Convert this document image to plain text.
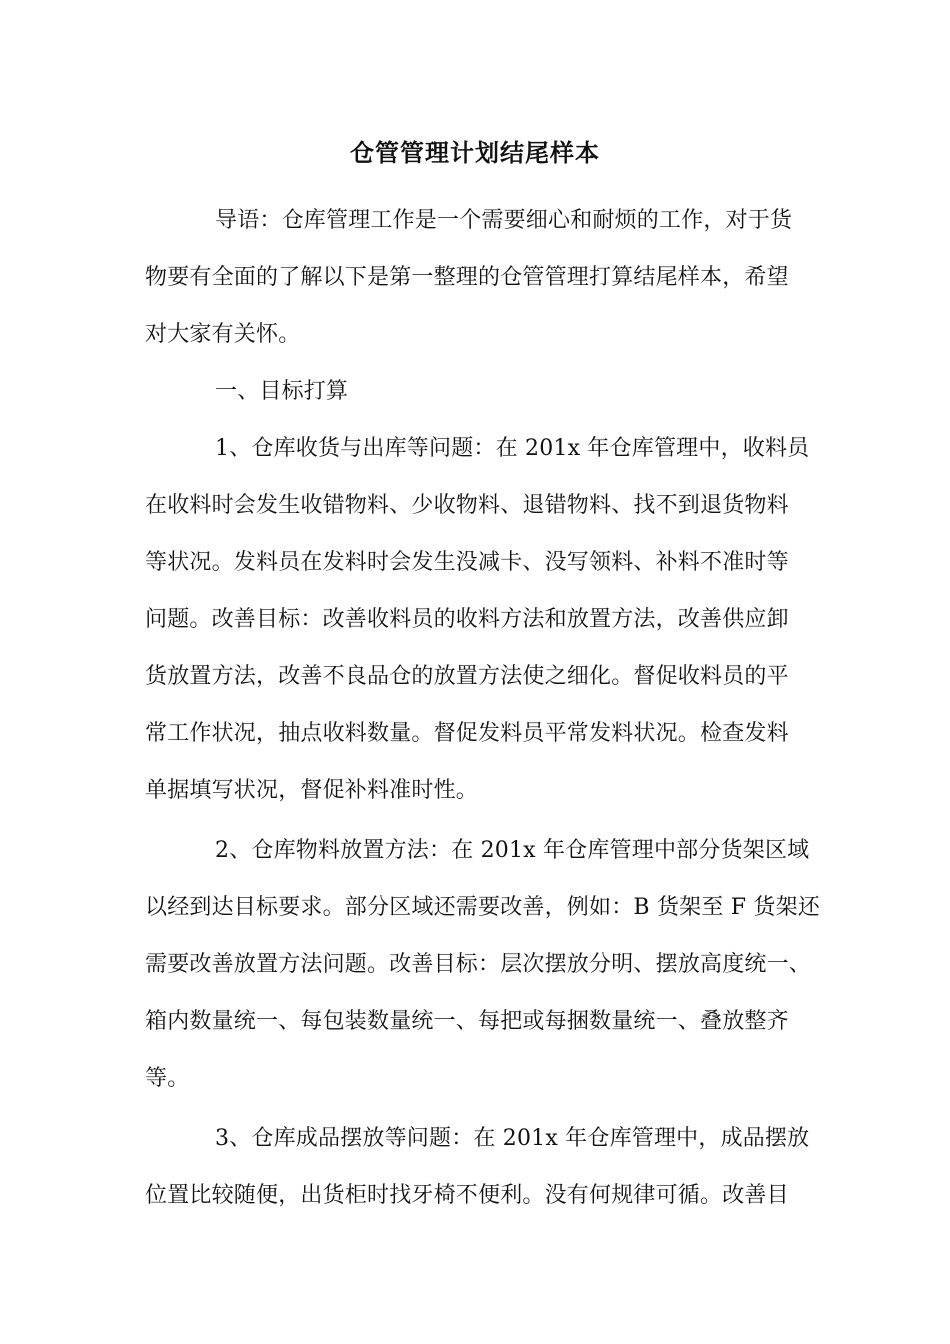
仓管管理计划结尾样本
导语：仓库管理工作是一个需要细心和耐烦的工作，对于货
物要有全面的了解以下是第一整理的仓管管理打算结尾样本，希望
对大家有关怀。
一、目标打算
1、仓库收货与出库等问题：在 201x 年仓库管理中，收料员
在收料时会发生收错物料、少收物料、退错物料、找不到退货物料
等状况。发料员在发料时会发生没减卡、没写领料、补料不准时等
问题。改善目标：改善收料员的收料方法和放置方法，改善供应卸
货放置方法，改善不良品仓的放置方法使之细化。督促收料员的平
常工作状况，抽点收料数量。督促发料员平常发料状况。检查发料
单据填写状况，督促补料准时性。
2、仓库物料放置方法：在 201x 年仓库管理中部分货架区域
以经到达目标要求。部分区域还需要改善，例如：B 货架至 F 货架还
需要改善放置方法问题。改善目标：层次摆放分明、摆放高度统一、
箱内数量统一、每包装数量统一、每把或每捆数量统一、叠放整齐
等。
3、仓库成品摆放等问题：在 201x 年仓库管理中，成品摆放
位置比较随便，出货柜时找牙椅不便利。没有何规律可循。改善目
